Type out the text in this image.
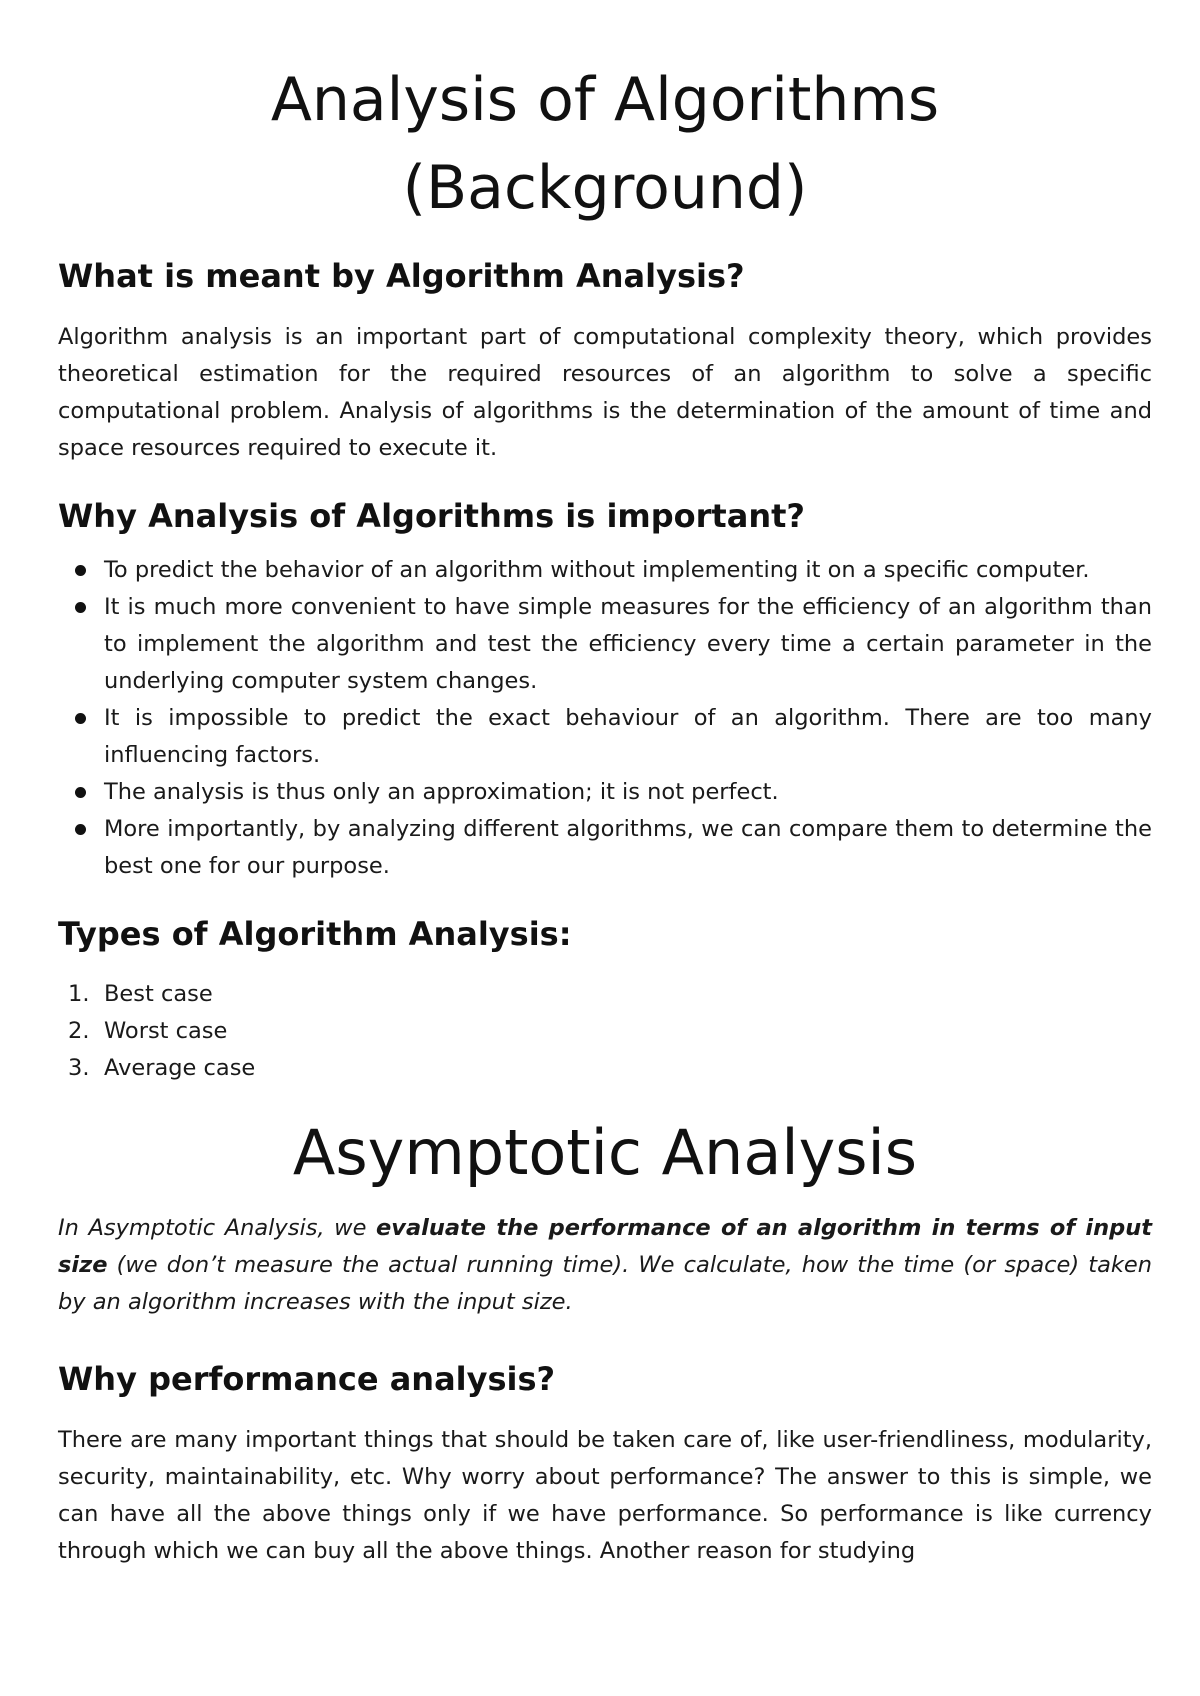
Analysis of Algorithms
(Background)
What is meant by Algorithm Analysis?

Algorithm analysis is an important part of computational complexity theory, which provides theoretical estimation for the required resources of an algorithm to solve a specific computational problem. Analysis of algorithms is the determination of the amount of time and space resources required to execute it.

Why Analysis of Algorithms is important?
To predict the behavior of an algorithm without implementing it on a specific computer.
It is much more convenient to have simple measures for the efficiency of an algorithm than to implement the algorithm and test the efficiency every time a certain parameter in the underlying computer system changes.
It is impossible to predict the exact behaviour of an algorithm. There are too many influencing factors.
The analysis is thus only an approximation; it is not perfect.
More importantly, by analyzing different algorithms, we can compare them to determine the best one for our purpose.
Types of Algorithm Analysis:
1. Best case
2. Worst case
3. Average case
Asymptotic Analysis

In Asymptotic Analysis, we evaluate the performance of an algorithm in terms of input size (we don’t measure the actual running time). We calculate, how the time (or space) taken by an algorithm increases with the input size.

Why performance analysis?

There are many important things that should be taken care of, like user-friendliness, modularity, security, maintainability, etc. Why worry about performance? The answer to this is simple, we can have all the above things only if we have performance. So performance is like currency through which we can buy all the above things. Another reason for studying
